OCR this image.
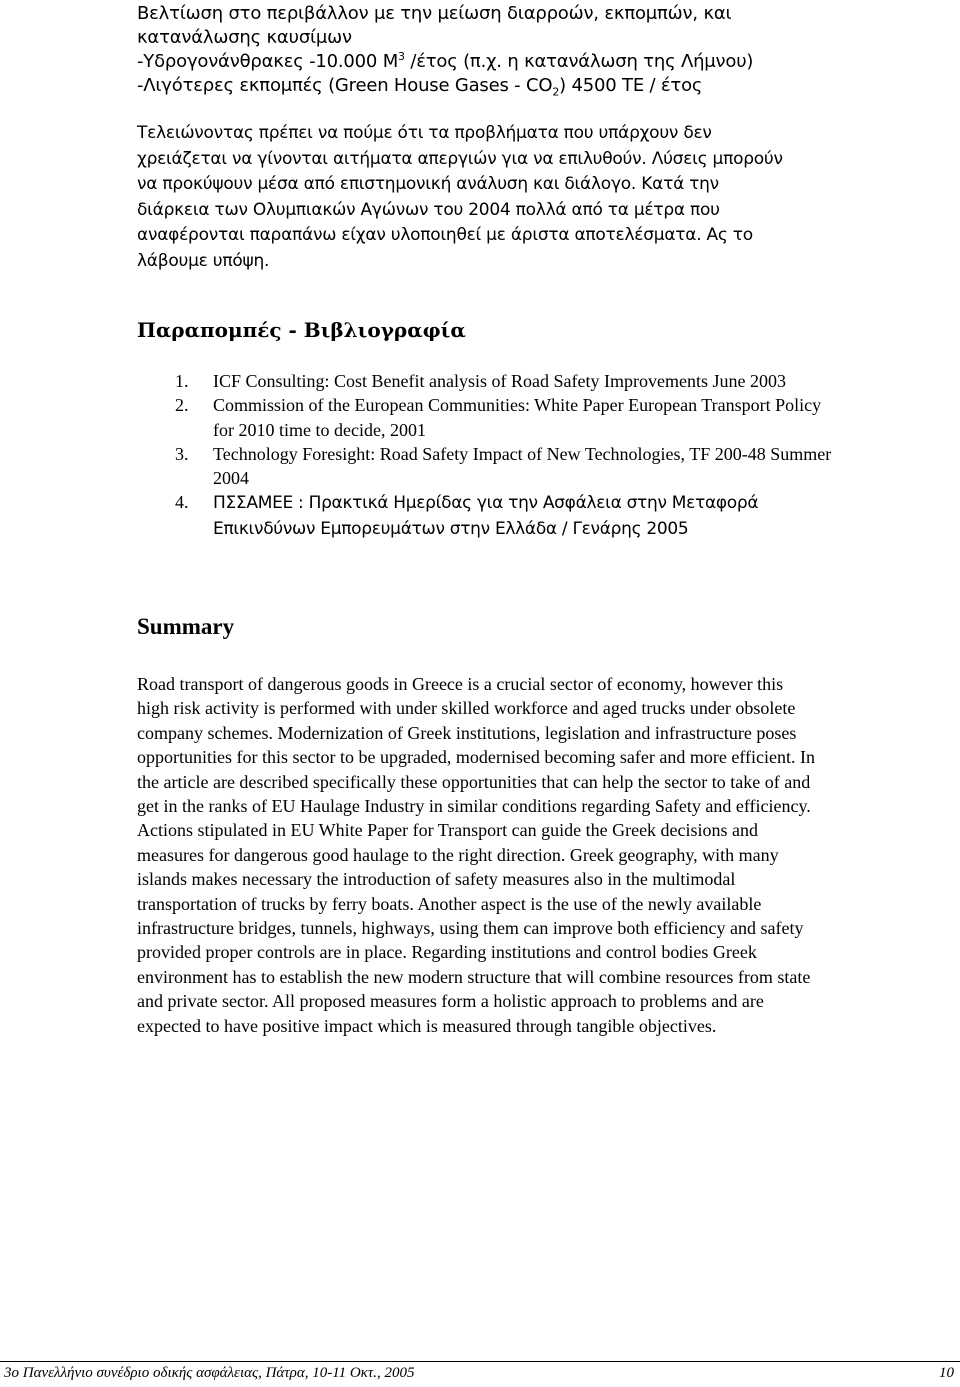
Βελτίωση στο περιβάλλον με την μείωση διαρροών, εκπομπών, και
κατανάλωσης καυσίμων
-Υδρογονάνθρακες -10.000 $M^3$ /έτος (π.χ. η κατανάλωση της Λήμνου)
-Λιγότερες εκπομπές (Green House Gases - $CO_2$) 4500 ΤΕ / έτος
Τελειώνοντας πρέπει να πούμε ότι τα προβλήματα που υπάρχουν δεν χρειάζεται να γίνονται αιτήματα απεργιών για να επιλυθούν. Λύσεις μπορούν να προκύψουν μέσα από επιστημονική ανάλυση και διάλογο. Κατά την διάρκεια των Ολυμπιακών Αγώνων του 2004 πολλά από τα μέτρα που αναφέρονται παραπάνω είχαν υλοποιηθεί με άριστα αποτελέσματα. Ας το λάβουμε υπόψη.
Παραπομπές - Βιβλιογραφία
1. ICF Consulting: Cost Benefit analysis of Road Safety Improvements June 2003
2. Commission of the European Communities: White Paper European Transport Policy for 2010 time to decide, 2001
3. Technology Foresight: Road Safety Impact of New Technologies, TF 200-48 Summer 2004
4. ΠΣΣΑΜΕΕ : Πρακτικά Ημερίδας για την Ασφάλεια στην Μεταφορά Επικινδύνων Εμπορευμάτων στην Ελλάδα / Γενάρης 2005
Summary
Road transport of dangerous goods in Greece is a crucial sector of economy, however this high risk activity is performed with under skilled workforce and aged trucks under obsolete company schemes. Modernization of Greek institutions, legislation and infrastructure poses opportunities for this sector to be upgraded, modernised becoming safer and more efficient. In the article are described specifically these opportunities that can help the sector to take of and get in the ranks of EU Haulage Industry in similar conditions regarding Safety and efficiency. Actions stipulated in EU White Paper for Transport can guide the Greek decisions and measures for dangerous good haulage to the right direction. Greek geography, with many islands makes necessary the introduction of safety measures also in the multimodal transportation of trucks by ferry boats. Another aspect is the use of the newly available infrastructure bridges, tunnels, highways, using them can improve both efficiency and safety provided proper controls are in place. Regarding institutions and control bodies Greek environment has to establish the new modern structure that will combine resources from state and private sector. All proposed measures form a holistic approach to problems and are expected to have positive impact which is measured through tangible objectives.
3ο Πανελλήνιο συνέδριο οδικής ασφάλειας, Πάτρα, 10-11 Οκτ., 2005	10
